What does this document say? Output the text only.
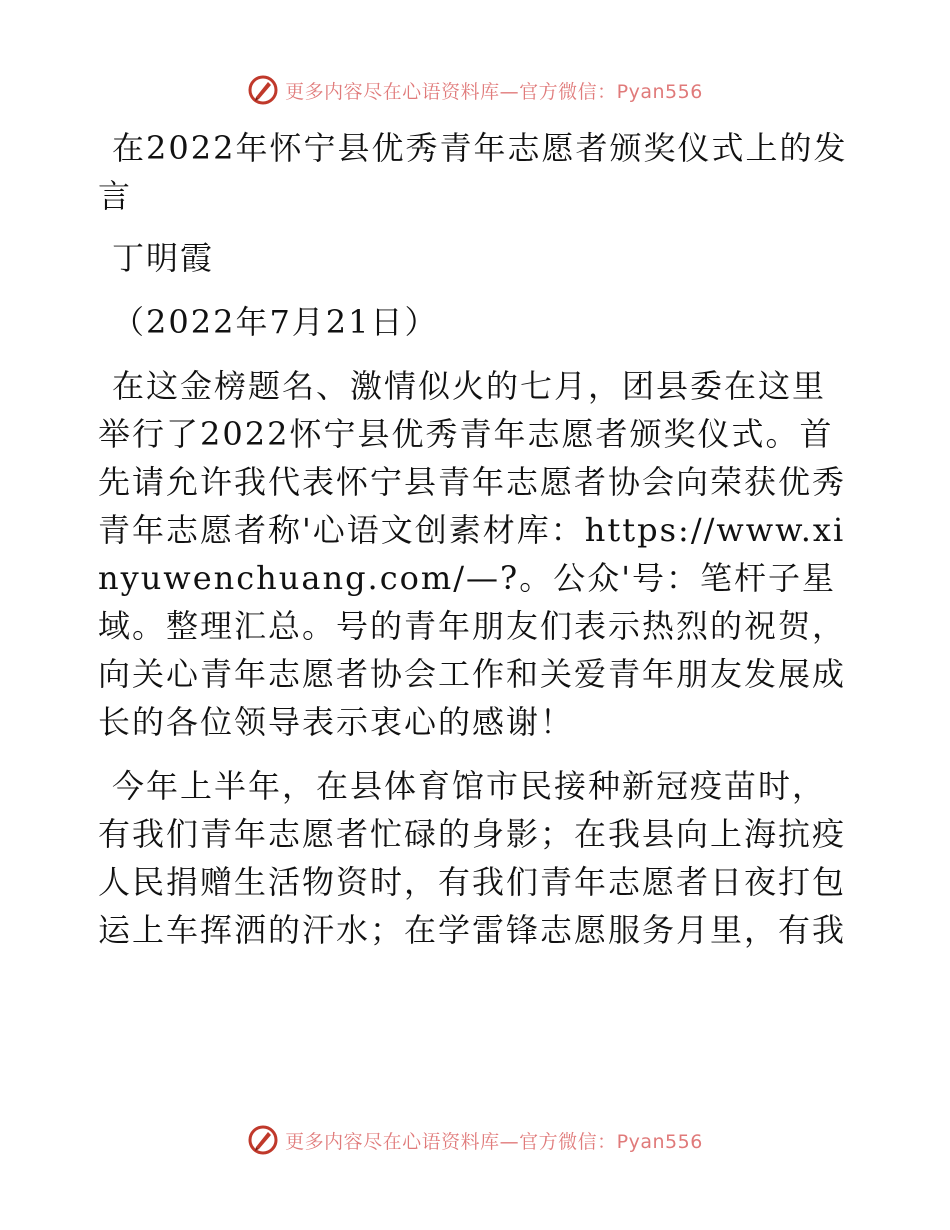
更多内容尽在心语资料库—官方微信：Pyan556

在2022年怀宁县优秀青年志愿者颁奖仪式上的发言

丁明霞

（2022年7月21日）

在这金榜题名、激情似火的七月，团县委在这里举行了2022怀宁县优秀青年志愿者颁奖仪式。首先请允许我代表怀宁县青年志愿者协会向荣获优秀青年志愿者称'心语文创素材库：https://www.xinyuwenchuang.com/—?。公众'号：笔杆子星域。整理汇总。号的青年朋友们表示热烈的祝贺，向关心青年志愿者协会工作和关爱青年朋友发展成长的各位领导表示衷心的感谢！

今年上半年，在县体育馆市民接种新冠疫苗时，有我们青年志愿者忙碌的身影；在我县向上海抗疫人民捐赠生活物资时，有我们青年志愿者日夜打包运上车挥洒的汗水；在学雷锋志愿服务月里，有我

更多内容尽在心语资料库—官方微信：Pyan556
